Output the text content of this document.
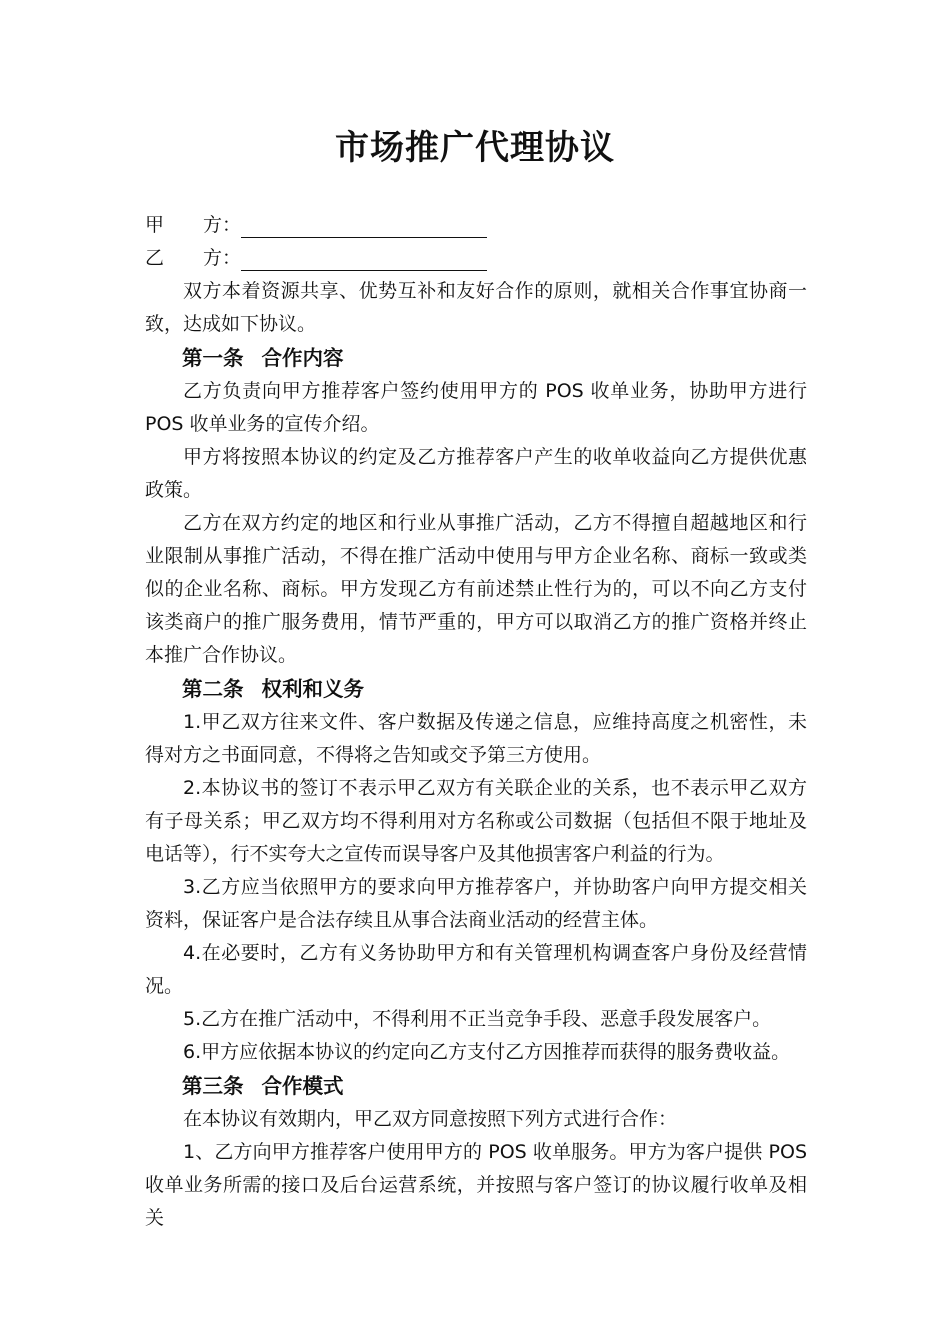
市场推广代理协议
甲	方：
乙	方：

双方本着资源共享、优势互补和友好合作的原则，就相关合作事宜协商一致，达成如下协议。

第一条 合作内容

乙方负责向甲方推荐客户签约使用甲方的 POS 收单业务，协助甲方进行 POS 收单业务的宣传介绍。

甲方将按照本协议的约定及乙方推荐客户产生的收单收益向乙方提供优惠政策。

乙方在双方约定的地区和行业从事推广活动，乙方不得擅自超越地区和行业限制从事推广活动，不得在推广活动中使用与甲方企业名称、商标一致或类似的企业名称、商标。甲方发现乙方有前述禁止性行为的，可以不向乙方支付该类商户的推广服务费用，情节严重的，甲方可以取消乙方的推广资格并终止本推广合作协议。

第二条 权利和义务

1.甲乙双方往来文件、客户数据及传递之信息，应维持高度之机密性，未得对方之书面同意，不得将之告知或交予第三方使用。

2.本协议书的签订不表示甲乙双方有关联企业的关系，也不表示甲乙双方有子母关系；甲乙双方均不得利用对方名称或公司数据（包括但不限于地址及电话等），行不实夸大之宣传而误导客户及其他损害客户利益的行为。

3.乙方应当依照甲方的要求向甲方推荐客户，并协助客户向甲方提交相关资料，保证客户是合法存续且从事合法商业活动的经营主体。

4.在必要时，乙方有义务协助甲方和有关管理机构调查客户身份及经营情况。

5.乙方在推广活动中，不得利用不正当竞争手段、恶意手段发展客户。

6.甲方应依据本协议的约定向乙方支付乙方因推荐而获得的服务费收益。

第三条 合作模式

在本协议有效期内，甲乙双方同意按照下列方式进行合作：

1、乙方向甲方推荐客户使用甲方的 POS 收单服务。甲方为客户提供 POS 收单业务所需的接口及后台运营系统，并按照与客户签订的协议履行收单及相关
